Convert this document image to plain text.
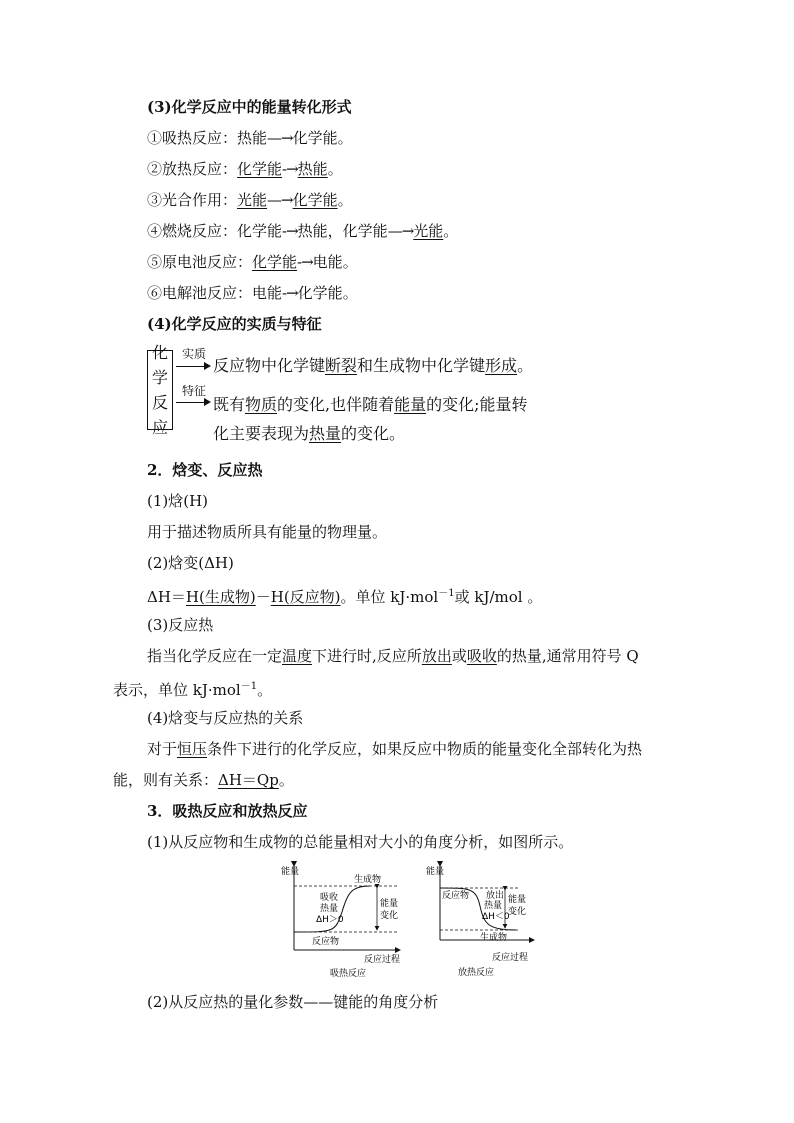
(3)化学反应中的能量转化形式
①吸热反应：热能—→化学能。
②放热反应：化学能-→热能。
③光合作用：光能—→化学能。
④燃烧反应：化学能-→热能，化学能—→光能。
⑤原电池反应：化学能-→电能。
⑥电解池反应：电能-→化学能。
(4)化学反应的实质与特征
化
学
反
应
实质
反应物中化学键断裂和生成物中化学键形成。
特征
既有物质的变化,也伴随着能量的变化;能量转
化主要表现为热量的变化。
2．焓变、反应热
(1)焓(H)
用于描述物质所具有能量的物理量。
(2)焓变(ΔH)
ΔH＝H(生成物)－H(反应物)。单位 kJ·mol$^{-1}$或 kJ/mol 。
(3)反应热
指当化学反应在一定温度下进行时,反应所放出或吸收的热量,通常用符号 Q
表示，单位 kJ·mol$^{-1}$。
(4)焓变与反应热的关系
对于恒压条件下进行的化学反应，如果反应中物质的能量变化全部转化为热
能，则有关系：ΔH＝Qp。
3．吸热反应和放热反应
(1)从反应物和生成物的总能量相对大小的角度分析，如图所示。
能量
生成物
反应物
吸收
热量
ΔH＞0
能量
变化
反应过程
吸热反应
能量
反应物 放出
热量
ΔH＜0
能量
变化
生成物
反应过程
放热反应
(2)从反应热的量化参数——键能的角度分析
